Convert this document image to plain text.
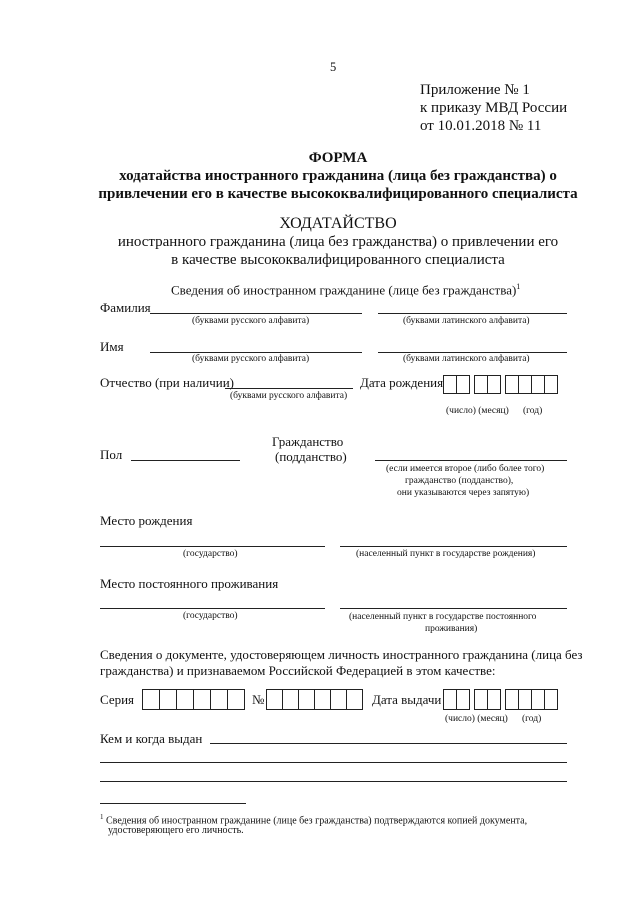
5
Приложение № 1
к приказу МВД России
от 10.01.2018 № 11
ФОРМА
ходатайства иностранного гражданина (лица без гражданства) о
привлечении его в качестве высококвалифицированного специалиста
ХОДАТАЙСТВО
иностранного гражданина (лица без гражданства) о привлечении его
в качестве высококвалифицированного специалиста
Сведения об иностранном гражданине (лице без гражданства)$^1$
Фамилия
(буквами русского алфавита)	(буквами латинского алфавита)
Имя
(буквами русского алфавита)	(буквами латинского алфавита)
Отчество (при наличии)
(буквами русского алфавита)
Дата рождения
(число) (месяц)      (год)
Пол
Гражданство
(подданство)
(если имеется второе (либо более того)
гражданство (подданство),
они указываются через запятую)
Место рождения
(государство)	(населенный пункт в государстве рождения)
Место постоянного проживания
(государство)	(населенный пункт в государстве постоянного
проживания)
Сведения о документе, удостоверяющем личность иностранного гражданина (лица без
гражданства) и признаваемом Российской Федерацией в этом качестве:
Серия	№	Дата выдачи
(число) (месяц)      (год)
Кем и когда выдан
$^1$ Сведения об иностранном гражданине (лице без гражданства) подтверждаются копией документа,
удостоверяющего его личность.
